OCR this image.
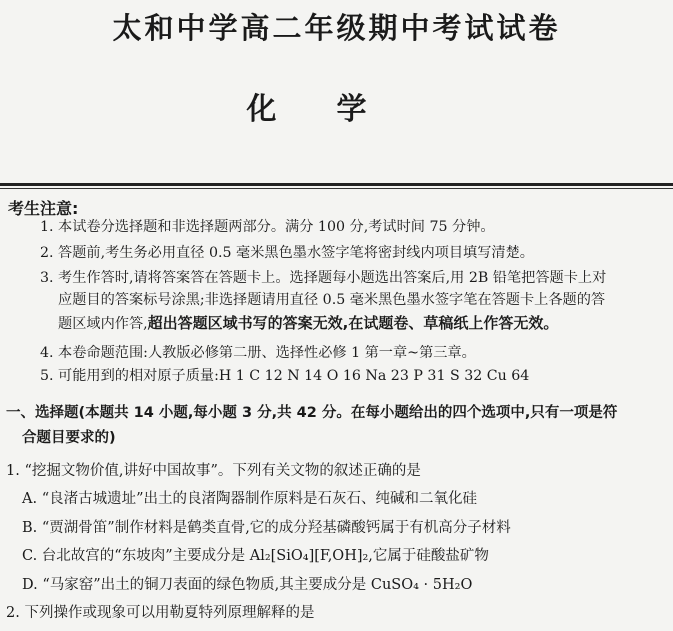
太和中学高二年级期中考试试卷
化学
考生注意:
1. 本试卷分选择题和非选择题两部分。满分 100 分,考试时间 75 分钟。
2. 答题前,考生务必用直径 0.5 毫米黑色墨水签字笔将密封线内项目填写清楚。
3. 考生作答时,请将答案答在答题卡上。选择题每小题选出答案后,用 2B 铅笔把答题卡上对
应题目的答案标号涂黑;非选择题请用直径 0.5 毫米黑色墨水签字笔在答题卡上各题的答
题区域内作答,超出答题区域书写的答案无效,在试题卷、草稿纸上作答无效。
4. 本卷命题范围:人教版必修第二册、选择性必修 1 第一章~第三章。
5. 可能用到的相对原子质量:H 1 C 12 N 14 O 16 Na 23 P 31 S 32 Cu 64
一、选择题(本题共 14 小题,每小题 3 分,共 42 分。在每小题给出的四个选项中,只有一项是符
合题目要求的)
1. “挖掘文物价值,讲好中国故事”。下列有关文物的叙述正确的是
A. “良渚古城遗址”出土的良渚陶器制作原料是石灰石、纯碱和二氧化硅
B. “贾湖骨笛”制作材料是鹤类直骨,它的成分羟基磷酸钙属于有机高分子材料
C. 台北故宫的“东坡肉”主要成分是 Al₂[SiO₄][F,OH]₂,它属于硅酸盐矿物
D. “马家窑”出土的铜刀表面的绿色物质,其主要成分是 CuSO₄ · 5H₂O
2. 下列操作或现象可以用勒夏特列原理解释的是
